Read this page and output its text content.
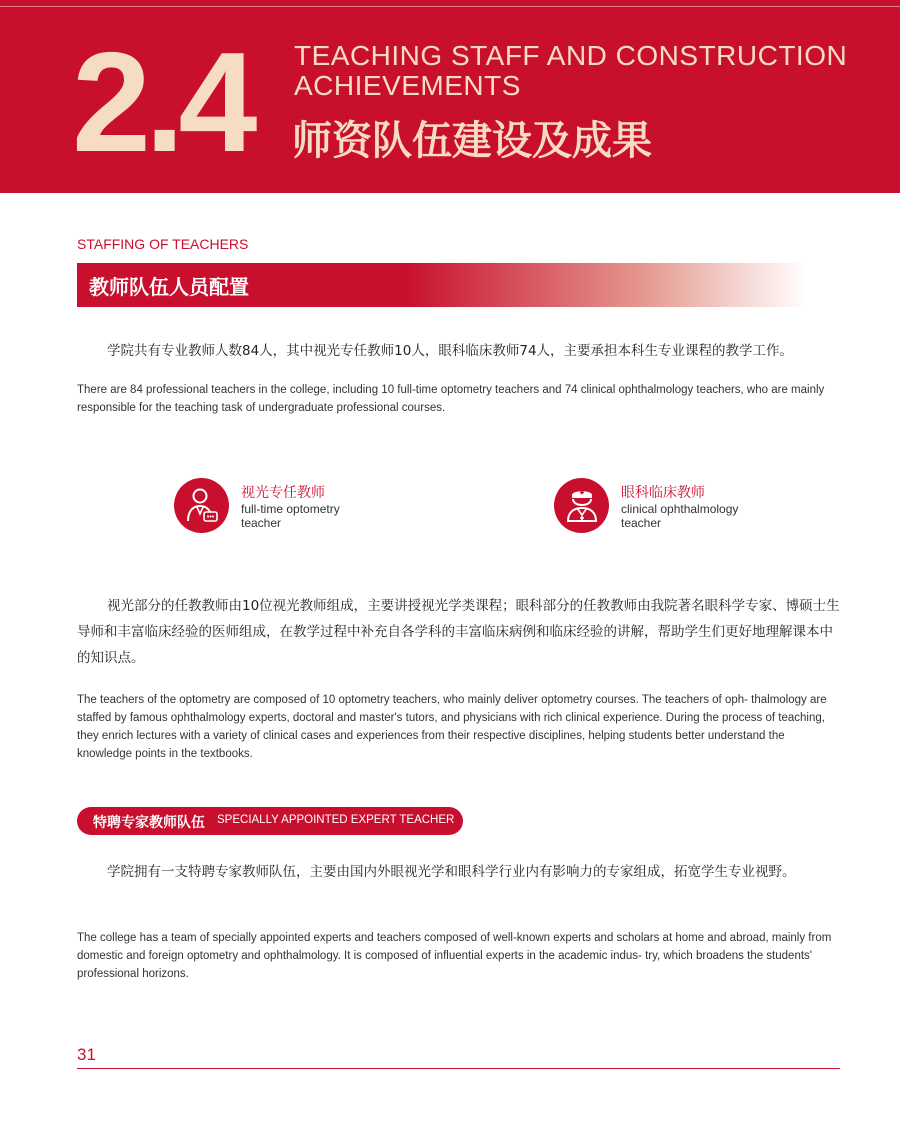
2.4 TEACHING STAFF AND CONSTRUCTION
ACHIEVEMENTS
师资队伍建设及成果
STAFFING OF TEACHERS
教师队伍人员配置
学院共有专业教师人数84人，其中视光专任教师10人，眼科临床教师74人，主要承担本科生专业课程的教学工作。
There are 84 professional teachers in the college, including 10 full-time optometry teachers and 74 clinical ophthalmology teachers, who are mainly responsible for the teaching task of undergraduate professional courses.
视光专任教师
full-time optometry teacher
眼科临床教师
clinical ophthalmology teacher
视光部分的任教教师由10位视光教师组成，主要讲授视光学类课程；眼科部分的任教教师由我院著名眼科学专家、博硕士生导师和丰富临床经验的医师组成，在教学过程中补充自各学科的丰富临床病例和临床经验的讲解，帮助学生们更好地理解课本中的知识点。
The teachers of the optometry are composed of 10 optometry teachers, who mainly deliver optometry courses. The teachers of oph- thalmology are staffed by famous ophthalmology experts, doctoral and master's tutors, and physicians with rich clinical experience. During the process of teaching, they enrich lectures with a variety of clinical cases and experiences from their respective disciplines, helping students better understand the knowledge points in the textbooks.
特聘专家教师队伍 SPECIALLY APPOINTED EXPERT TEACHER
学院拥有一支特聘专家教师队伍，主要由国内外眼视光学和眼科学行业内有影响力的专家组成，拓宽学生专业视野。
The college has a team of specially appointed experts and teachers composed of well-known experts and scholars at home and abroad, mainly from domestic and foreign optometry and ophthalmology. It is composed of influential experts in the academic indus- try, which broadens the students' professional horizons.
31
